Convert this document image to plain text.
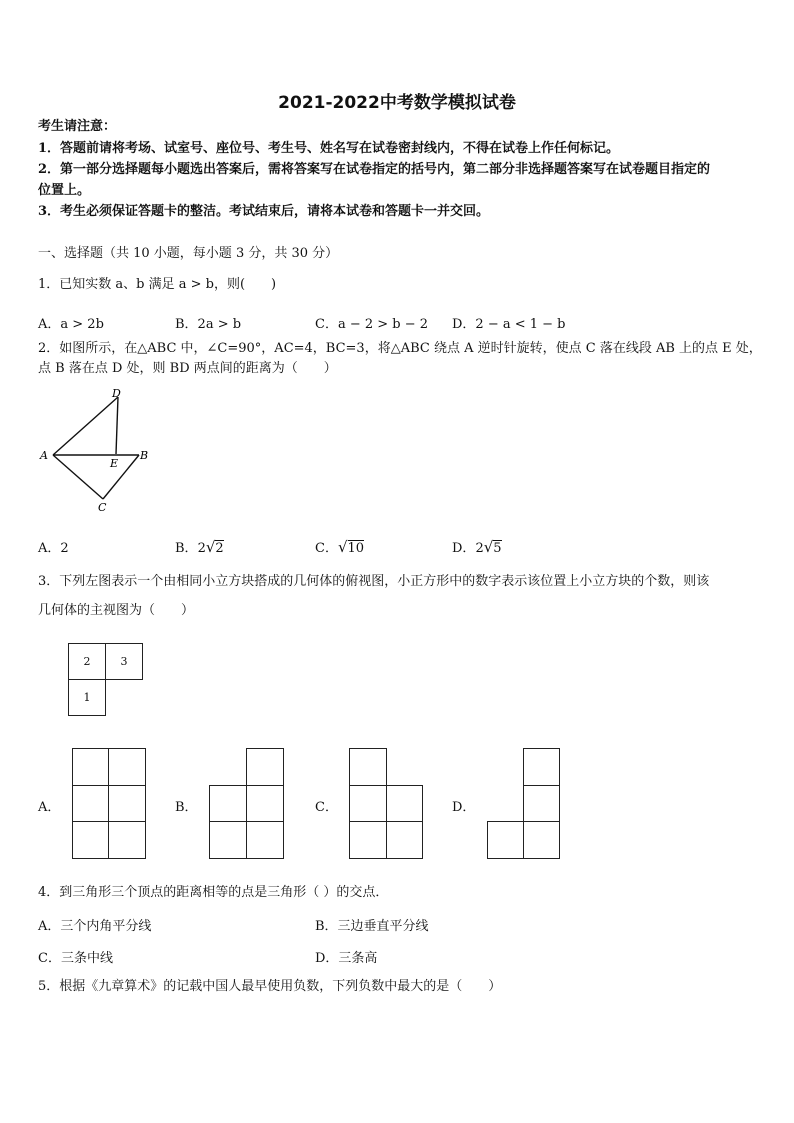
2021-2022中考数学模拟试卷
考生请注意：
1．答题前请将考场、试室号、座位号、考生号、姓名写在试卷密封线内，不得在试卷上作任何标记。
2．第一部分选择题每小题选出答案后，需将答案写在试卷指定的括号内，第二部分非选择题答案写在试卷题目指定的
位置上。
3．考生必须保证答题卡的整洁。考试结束后，请将本试卷和答题卡一并交回。
一、选择题（共 10 小题，每小题 3 分，共 30 分）
1．已知实数 a、b 满足 a > b，则(　　)
A．a > 2b	B．2a > b	C．a − 2 > b − 2 D．2 − a < 1 − b
2．如图所示，在△ABC 中，∠C=90°，AC=4，BC=3，将△ABC 绕点 A 逆时针旋转，使点 C 落在线段 AB 上的点 E 处，
点 B 落在点 D 处，则 BD 两点间的距离为（　　）
D
A
E
B
C
A．2	B．2√2	C．√10	D．2√5
3．下列左图表示一个由相同小立方块搭成的几何体的俯视图，小正方形中的数字表示该位置上小立方块的个数，则该
几何体的主视图为（　　）
2	3
1
A．	B．	C．	D．
4．到三角形三个顶点的距离相等的点是三角形（ ）的交点．
A．三个内角平分线	B．三边垂直平分线
C．三条中线	D．三条高
5．根据《九章算术》的记载中国人最早使用负数，下列负数中最大的是（　　）
